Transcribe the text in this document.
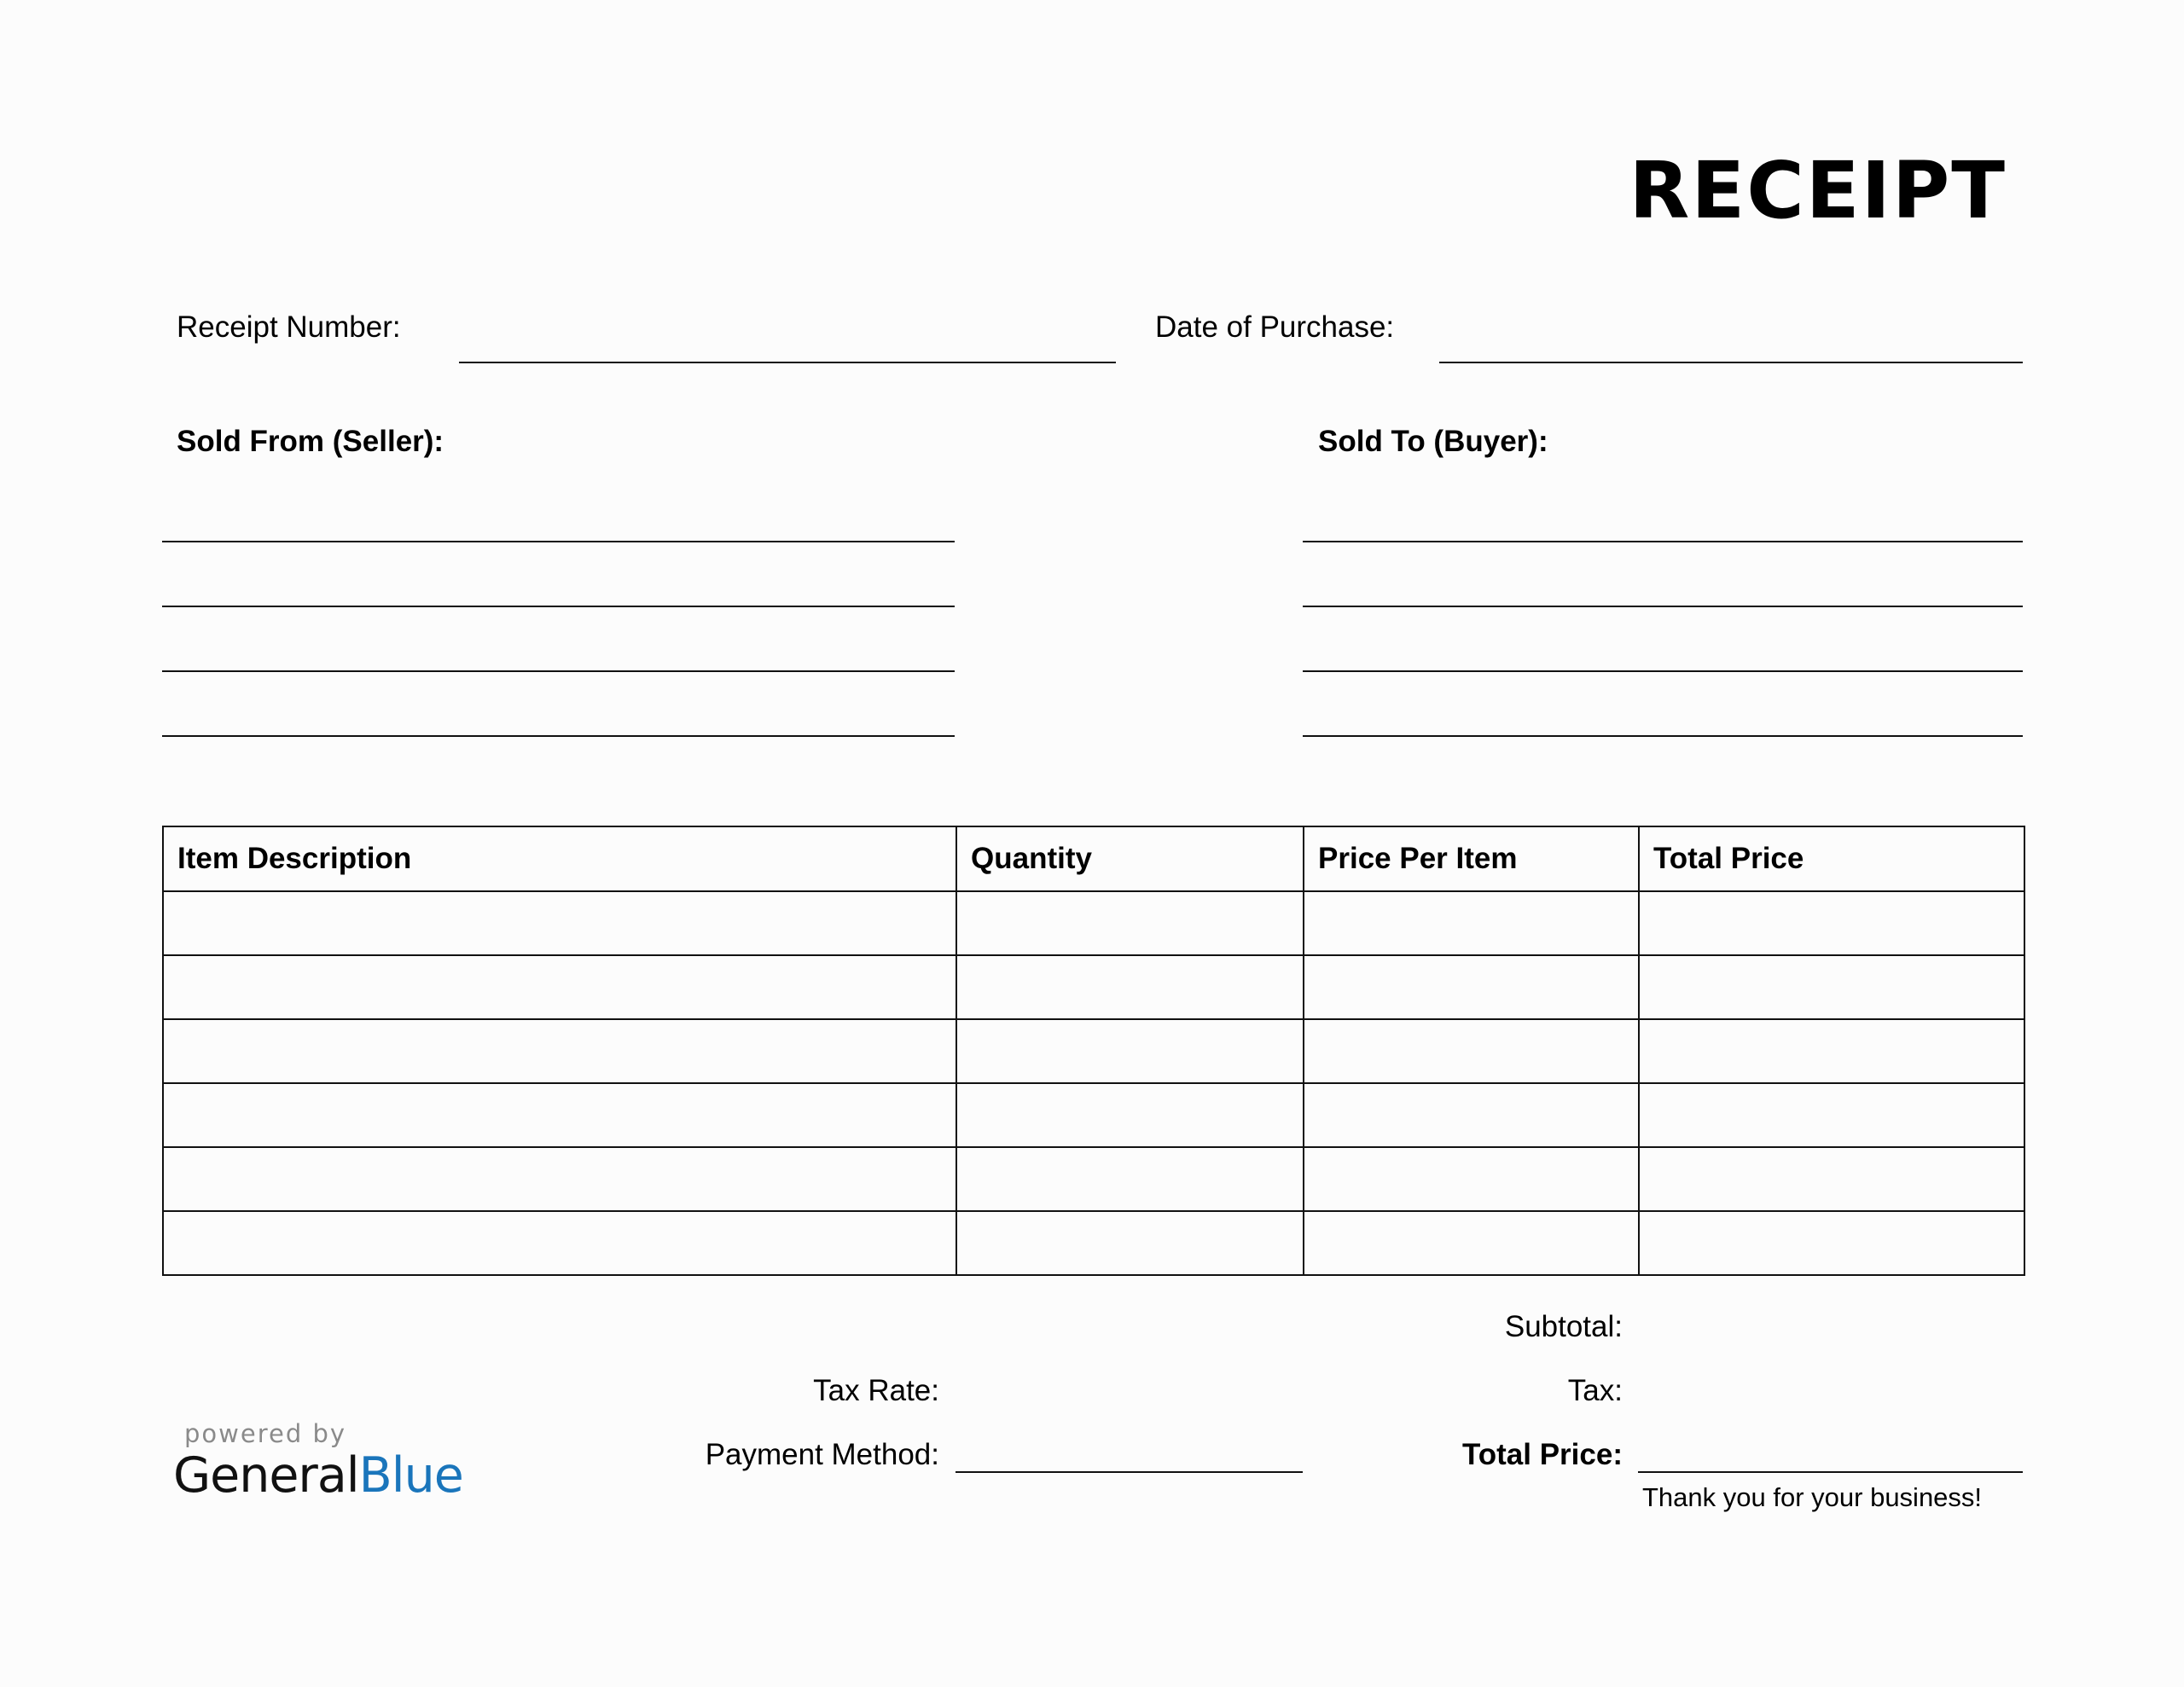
RECEIPT
Receipt Number:	Date of Purchase:
Sold From (Seller):	Sold To (Buyer):
Item Description	Quantity	Price Per Item	Total Price

Subtotal:
Tax:
Total Price:
Thank you for your business!
Tax Rate:
Payment Method:
powered by
GeneralBlue
